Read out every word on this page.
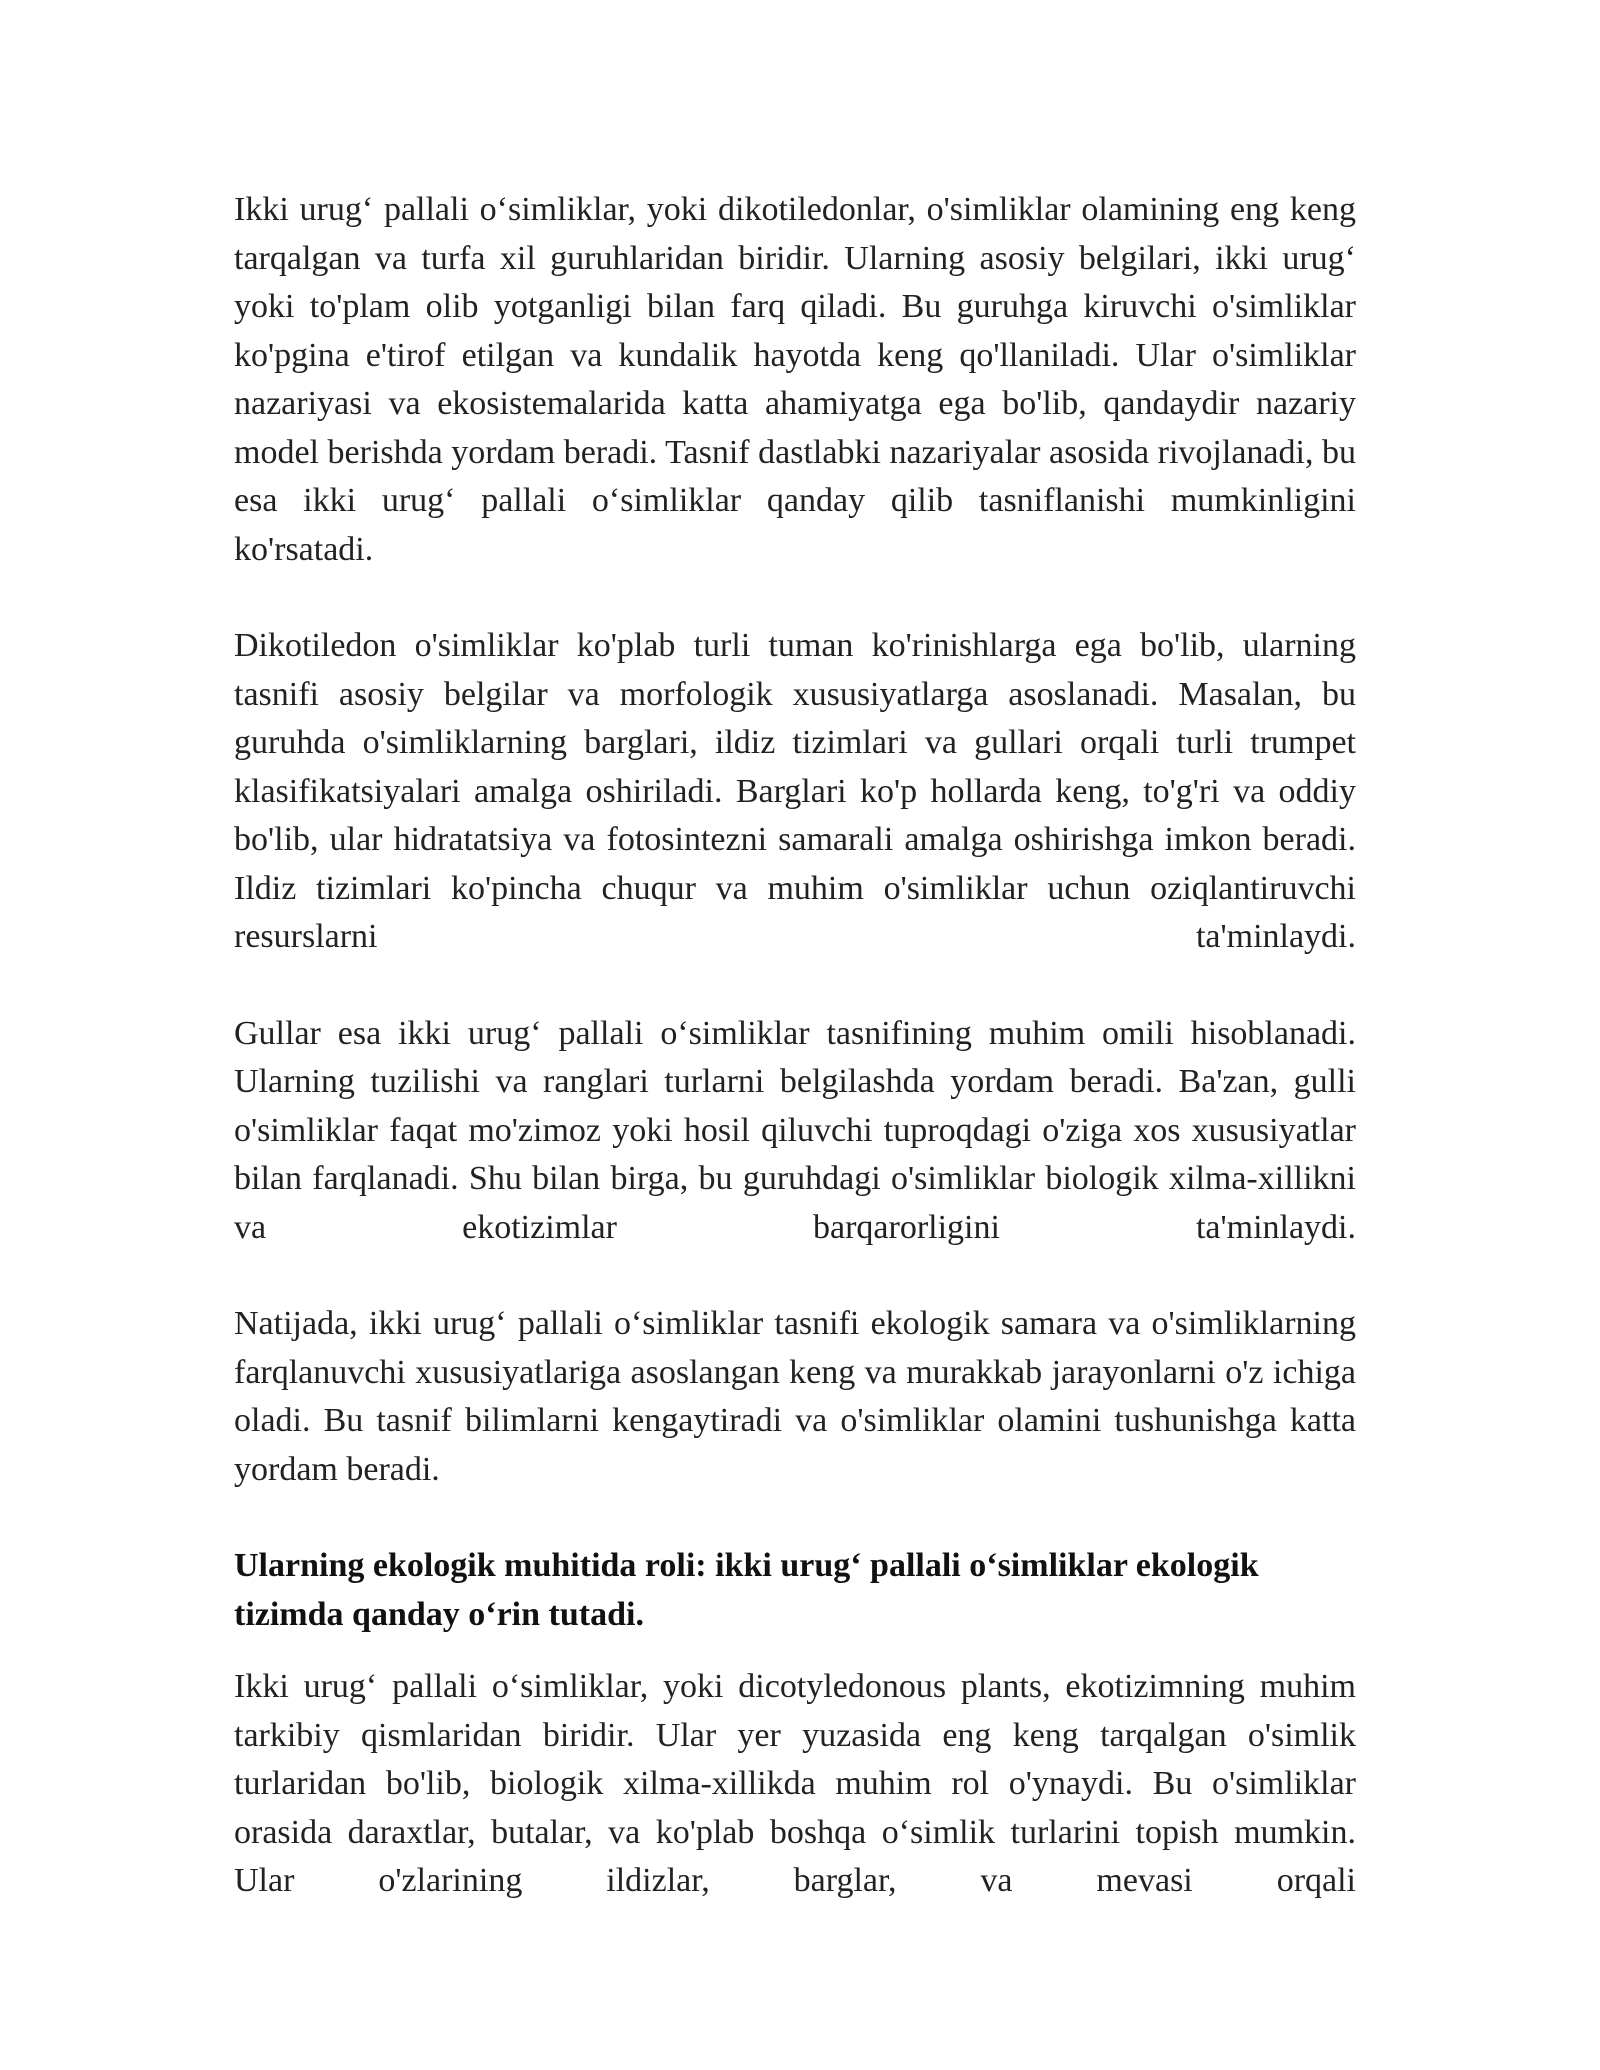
Ikki urug‘ pallali o‘simliklar, yoki dikotiledonlar, o'simliklar olamining eng keng tarqalgan va turfa xil guruhlaridan biridir. Ularning asosiy belgilari, ikki urug‘ yoki to'plam olib yotganligi bilan farq qiladi. Bu guruhga kiruvchi o'simliklar ko'pgina e'tirof etilgan va kundalik hayotda keng qo'llaniladi. Ular o'simliklar nazariyasi va ekosistemalarida katta ahamiyatga ega bo'lib, qandaydir nazariy model berishda yordam beradi. Tasnif dastlabki nazariyalar asosida rivojlanadi, bu esa ikki urug‘ pallali o‘simliklar qanday qilib tasniflanishi mumkinligini ko'rsatadi.

Dikotiledon o'simliklar ko'plab turli tuman ko'rinishlarga ega bo'lib, ularning tasnifi asosiy belgilar va morfologik xususiyatlarga asoslanadi. Masalan, bu guruhda o'simliklarning barglari, ildiz tizimlari va gullari orqali turli trumpet klasifikatsiyalari amalga oshiriladi. Barglari ko'p hollarda keng, to'g'ri va oddiy bo'lib, ular hidratatsiya va fotosintezni samarali amalga oshirishga imkon beradi. Ildiz tizimlari ko'pincha chuqur va muhim o'simliklar uchun oziqlantiruvchi resurslarni ta'minlaydi.

Gullar esa ikki urug‘ pallali o‘simliklar tasnifining muhim omili hisoblanadi. Ularning tuzilishi va ranglari turlarni belgilashda yordam beradi. Ba'zan, gulli o'simliklar faqat mo'zimoz yoki hosil qiluvchi tuproqdagi o'ziga xos xususiyatlar bilan farqlanadi. Shu bilan birga, bu guruhdagi o'simliklar biologik xilma-xillikni va ekotizimlar barqarorligini ta'minlaydi.

Natijada, ikki urug‘ pallali o‘simliklar tasnifi ekologik samara va o'simliklarning farqlanuvchi xususiyatlariga asoslangan keng va murakkab jarayonlarni o'z ichiga oladi. Bu tasnif bilimlarni kengaytiradi va o'simliklar olamini tushunishga katta yordam beradi.

Ularning ekologik muhitida roli: ikki urug‘ pallali o‘simliklar ekologik tizimda qanday o‘rin tutadi.

Ikki urug‘ pallali o‘simliklar, yoki dicotyledonous plants, ekotizimning muhim tarkibiy qismlaridan biridir. Ular yer yuzasida eng keng tarqalgan o'simlik turlaridan bo'lib, biologik xilma-xillikda muhim rol o'ynaydi. Bu o'simliklar orasida daraxtlar, butalar, va ko'plab boshqa o‘simlik turlarini topish mumkin. Ular o'zlarining ildizlar, barglar, va mevasi orqali
